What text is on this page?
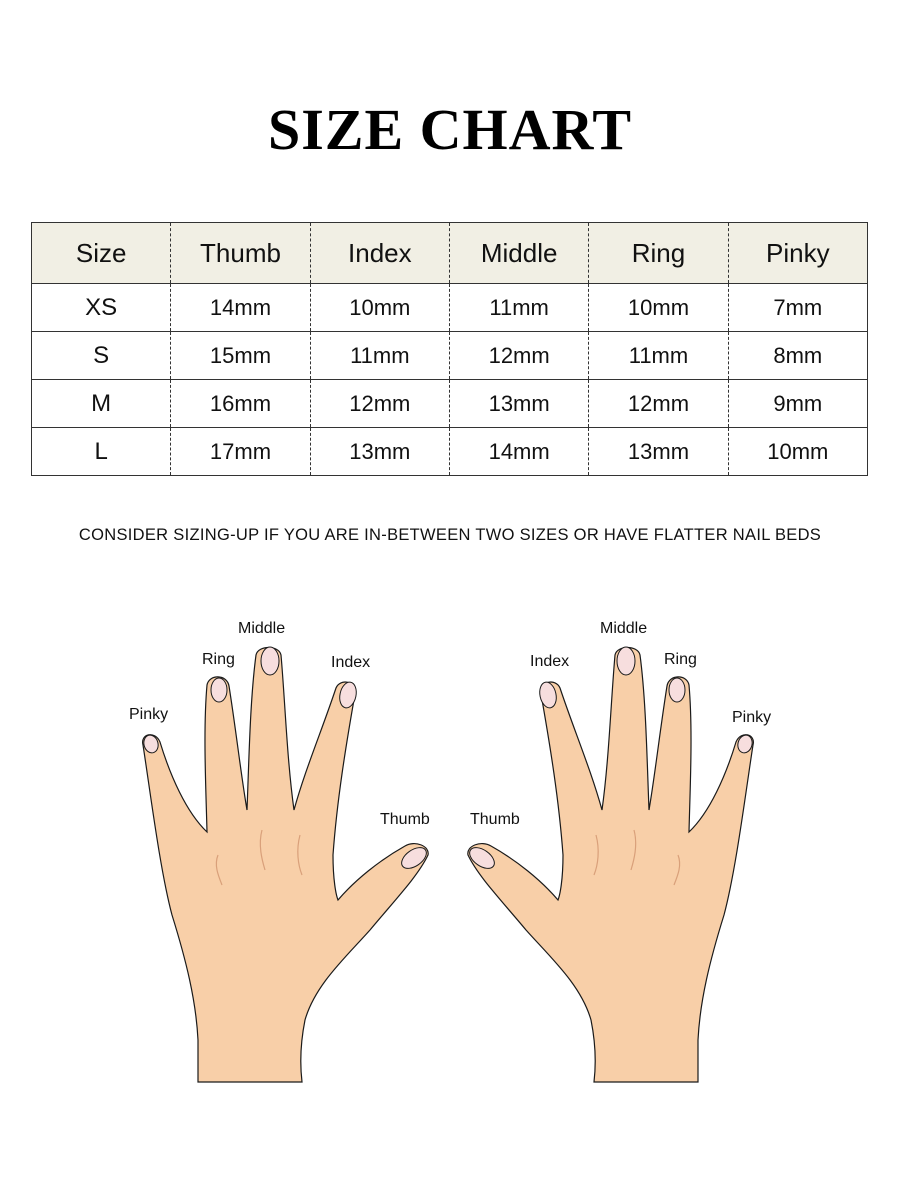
SIZE CHART
Size	Thumb	Index	Middle	Ring	Pinky
XS	14mm	10mm	11mm	10mm	7mm
S	15mm	11mm	12mm	11mm	8mm
M	16mm	12mm	13mm	12mm	9mm
L	17mm	13mm	14mm	13mm	10mm
CONSIDER SIZING-UP IF YOU ARE IN-BETWEEN TWO SIZES OR HAVE FLATTER NAIL BEDS
Pinky
Ring
Middle
Index
Thumb
Pinky
Ring
Middle
Index
Thumb
